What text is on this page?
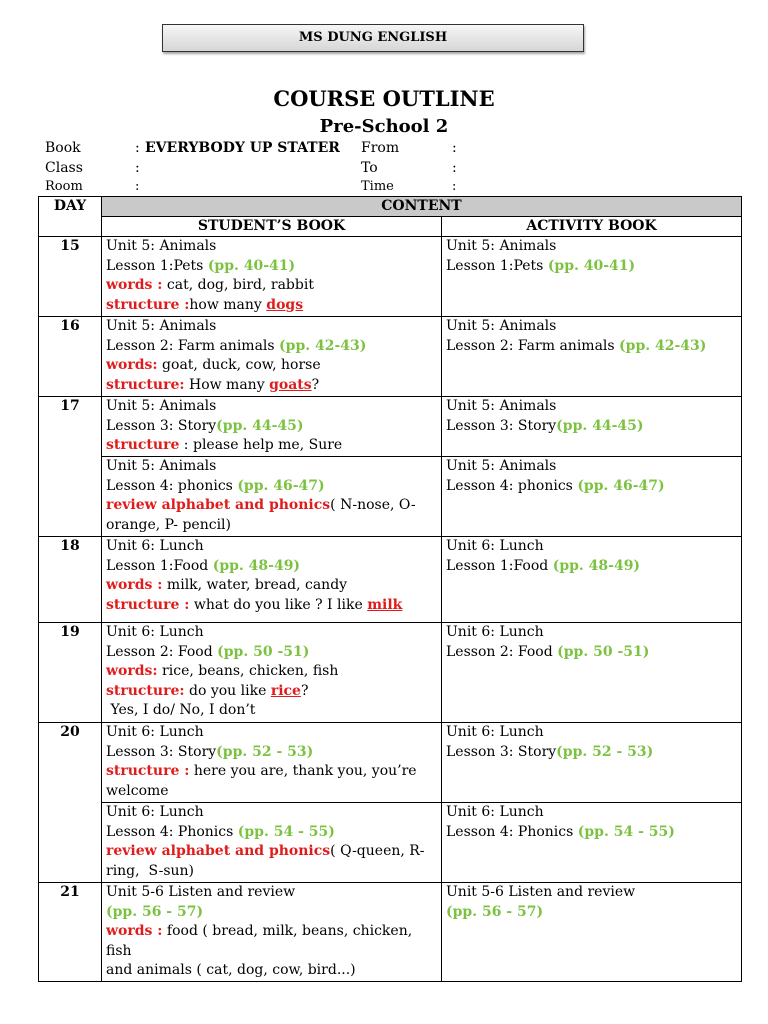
MS DUNG ENGLISH
COURSE OUTLINE
Pre-School 2
Book	: EVERYBODY UP STATER
Class	:
Room	:
From	:
To	:
Time	:
DAY	CONTENT	
	STUDENT’S BOOK	ACTIVITY BOOK
15	Unit 5: Animals
Lesson 1:Pets (pp. 40-41)
words : cat, dog, bird, rabbit
structure :how many dogs	Unit 5: Animals
Lesson 1:Pets (pp. 40-41)

16	Unit 5: Animals
Lesson 2: Farm animals (pp. 42-43)
words: goat, duck, cow, horse
structure: How many goats?	Unit 5: Animals
Lesson 2: Farm animals (pp. 42-43)

17	Unit 5: Animals
Lesson 3: Story(pp. 44-45)
structure : please help me, Sure	Unit 5: Animals
Lesson 3: Story(pp. 44-45)

	Unit 5: Animals
Lesson 4: phonics (pp. 46-47)
review alphabet and phonics( N-nose, O-
orange, P- pencil)	Unit 5: Animals
Lesson 4: phonics (pp. 46-47)

18	Unit 6: Lunch
Lesson 1:Food (pp. 48-49)
words : milk, water, bread, candy
structure : what do you like ? I like milk	Unit 6: Lunch
Lesson 1:Food (pp. 48-49)

19	Unit 6: Lunch
Lesson 2: Food (pp. 50 -51)
words: rice, beans, chicken, fish
structure: do you like rice?
Yes, I do/ No, I don’t	Unit 6: Lunch
Lesson 2: Food (pp. 50 -51)

20	Unit 6: Lunch
Lesson 3: Story(pp. 52 - 53)
structure : here you are, thank you, you’re
welcome	Unit 6: Lunch
Lesson 3: Story(pp. 52 - 53)

	Unit 6: Lunch
Lesson 4: Phonics (pp. 54 - 55)
review alphabet and phonics( Q-queen, R-
ring,  S-sun)	Unit 6: Lunch
Lesson 4: Phonics (pp. 54 - 55)

21	Unit 5-6 Listen and review
(pp. 56 - 57)
words : food ( bread, milk, beans, chicken, fish
and animals ( cat, dog, cow, bird...)	Unit 5-6 Listen and review
(pp. 56 - 57)
